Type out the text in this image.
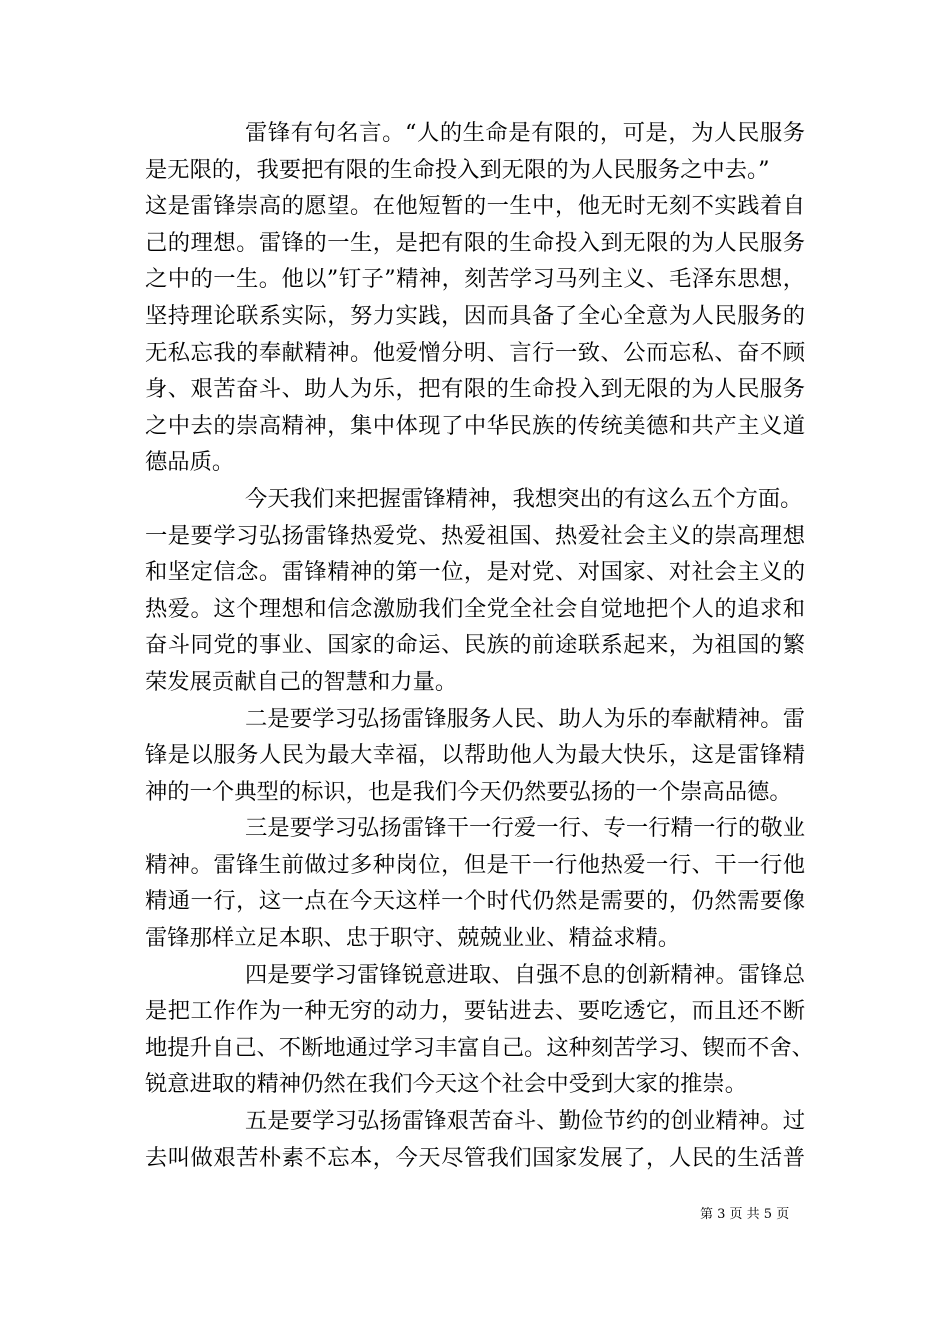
雷锋有句名言。“人的生命是有限的，可是，为人民服务
是无限的，我要把有限的生命投入到无限的为人民服务之中去。”
这是雷锋崇高的愿望。在他短暂的一生中，他无时无刻不实践着自
己的理想。雷锋的一生，是把有限的生命投入到无限的为人民服务
之中的一生。他以”钉子”精神，刻苦学习马列主义、毛泽东思想，
坚持理论联系实际，努力实践，因而具备了全心全意为人民服务的
无私忘我的奉献精神。他爱憎分明、言行一致、公而忘私、奋不顾
身、艰苦奋斗、助人为乐，把有限的生命投入到无限的为人民服务
之中去的崇高精神，集中体现了中华民族的传统美德和共产主义道
德品质。
今天我们来把握雷锋精神，我想突出的有这么五个方面。
一是要学习弘扬雷锋热爱党、热爱祖国、热爱社会主义的崇高理想
和坚定信念。雷锋精神的第一位，是对党、对国家、对社会主义的
热爱。这个理想和信念激励我们全党全社会自觉地把个人的追求和
奋斗同党的事业、国家的命运、民族的前途联系起来，为祖国的繁
荣发展贡献自己的智慧和力量。
二是要学习弘扬雷锋服务人民、助人为乐的奉献精神。雷
锋是以服务人民为最大幸福，以帮助他人为最大快乐，这是雷锋精
神的一个典型的标识，也是我们今天仍然要弘扬的一个崇高品德。
三是要学习弘扬雷锋干一行爱一行、专一行精一行的敬业
精神。雷锋生前做过多种岗位，但是干一行他热爱一行、干一行他
精通一行，这一点在今天这样一个时代仍然是需要的，仍然需要像
雷锋那样立足本职、忠于职守、兢兢业业、精益求精。
四是要学习雷锋锐意进取、自强不息的创新精神。雷锋总
是把工作作为一种无穷的动力，要钻进去、要吃透它，而且还不断
地提升自己、不断地通过学习丰富自己。这种刻苦学习、锲而不舍、
锐意进取的精神仍然在我们今天这个社会中受到大家的推崇。
五是要学习弘扬雷锋艰苦奋斗、勤俭节约的创业精神。过
去叫做艰苦朴素不忘本，今天尽管我们国家发展了，人民的生活普
第 3 页 共 5 页
